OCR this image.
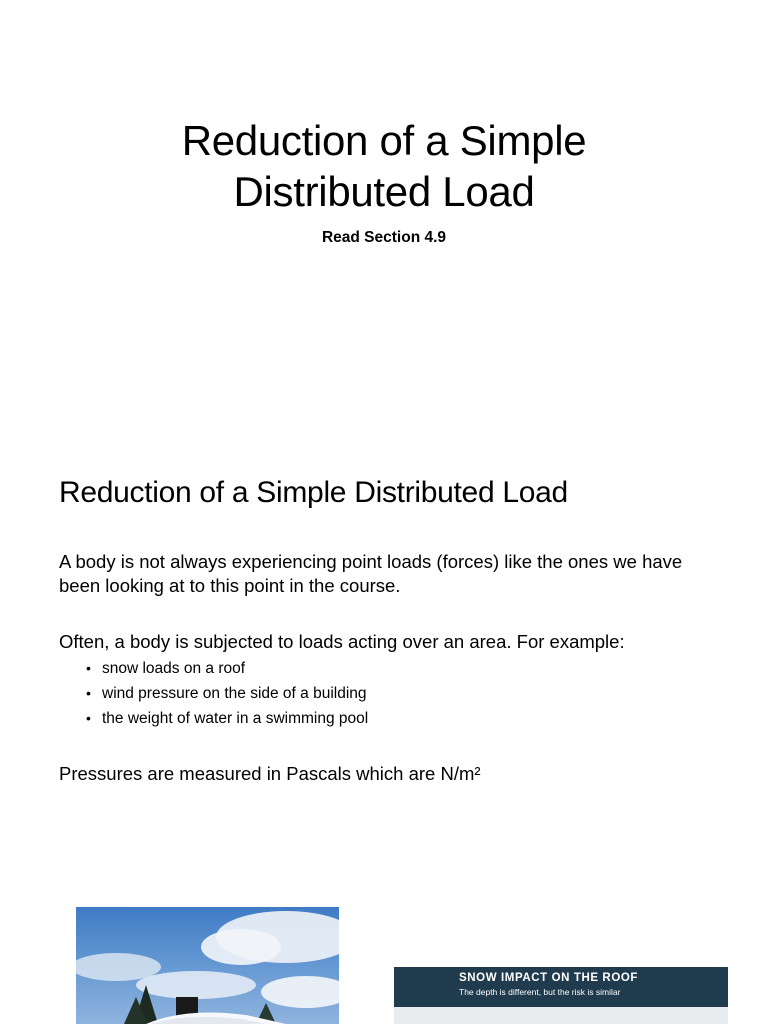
Reduction of a Simple
Distributed Load

Read Section 4.9

Reduction of a Simple Distributed Load

A body is not always experiencing point loads (forces) like the ones we have been looking at to this point in the course.

Often, a body is subjected to loads acting over an area. For example:

• snow loads on a roof
• wind pressure on the side of a building
• the weight of water in a swimming pool

Pressures are measured in Pascals which are N/m²

SNOW IMPACT ON THE ROOF
The depth is different, but the risk is similar
